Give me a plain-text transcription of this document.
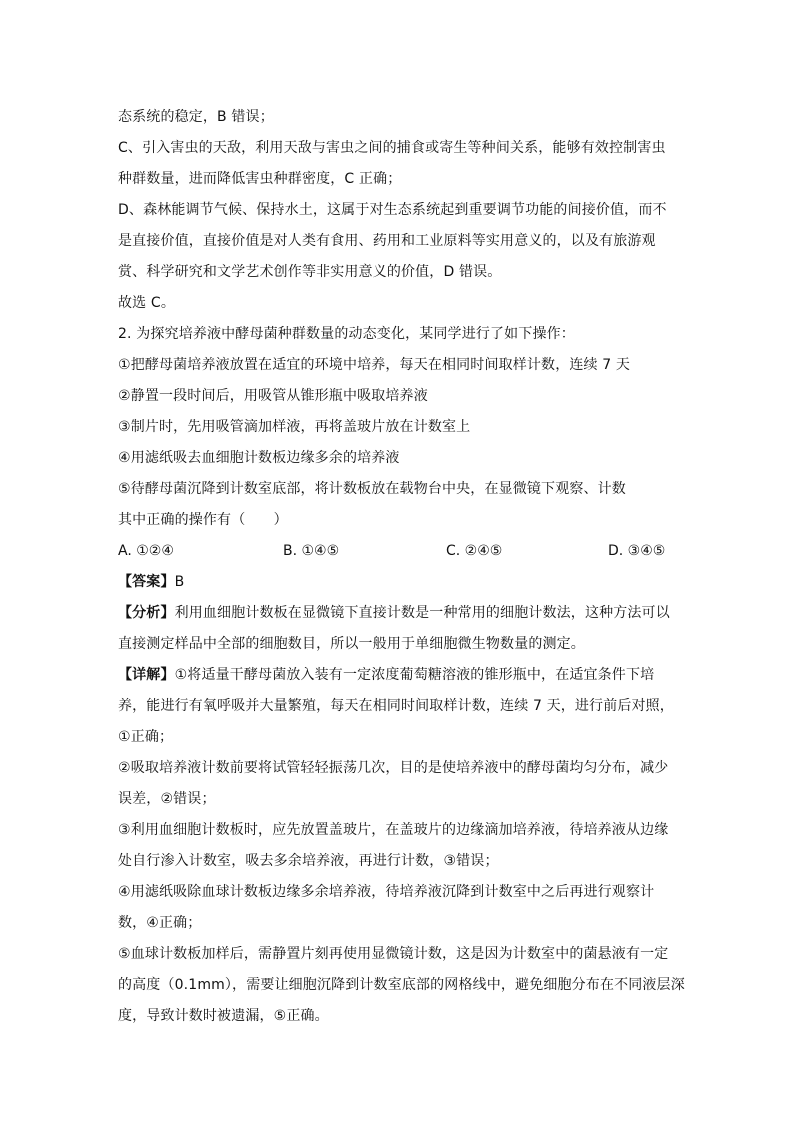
态系统的稳定，B 错误；
C、引入害虫的天敌，利用天敌与害虫之间的捕食或寄生等种间关系，能够有效控制害虫
种群数量，进而降低害虫种群密度，C 正确；
D、森林能调节气候、保持水土，这属于对生态系统起到重要调节功能的间接价值，而不
是直接价值，直接价值是对人类有食用、药用和工业原料等实用意义的，以及有旅游观
赏、科学研究和文学艺术创作等非实用意义的价值，D 错误。
故选 C。
2. 为探究培养液中酵母菌种群数量的动态变化，某同学进行了如下操作：
①把酵母菌培养液放置在适宜的环境中培养，每天在相同时间取样计数，连续 7 天
②静置一段时间后，用吸管从锥形瓶中吸取培养液
③制片时，先用吸管滴加样液，再将盖玻片放在计数室上
④用滤纸吸去血细胞计数板边缘多余的培养液
⑤待酵母菌沉降到计数室底部，将计数板放在载物台中央，在显微镜下观察、计数
其中正确的操作有（　　）
A. ①②④	B. ①④⑤	C. ②④⑤	D. ③④⑤
【答案】B
【分析】利用血细胞计数板在显微镜下直接计数是一种常用的细胞计数法，这种方法可以
直接测定样品中全部的细胞数目，所以一般用于单细胞微生物数量的测定。
【详解】①将适量干酵母菌放入装有一定浓度葡萄糖溶液的锥形瓶中，在适宜条件下培
养，能进行有氧呼吸并大量繁殖，每天在相同时间取样计数，连续 7 天，进行前后对照，
①正确；
②吸取培养液计数前要将试管轻轻振荡几次，目的是使培养液中的酵母菌均匀分布，减少
误差，②错误；
③利用血细胞计数板时，应先放置盖玻片，在盖玻片的边缘滴加培养液，待培养液从边缘
处自行渗入计数室，吸去多余培养液，再进行计数，③错误；
④用滤纸吸除血球计数板边缘多余培养液，待培养液沉降到计数室中之后再进行观察计
数，④正确；
⑤血球计数板加样后，需静置片刻再使用显微镜计数，这是因为计数室中的菌悬液有一定
的高度（0.1mm），需要让细胞沉降到计数室底部的网格线中，避免细胞分布在不同液层深
度，导致计数时被遗漏，⑤正确。
